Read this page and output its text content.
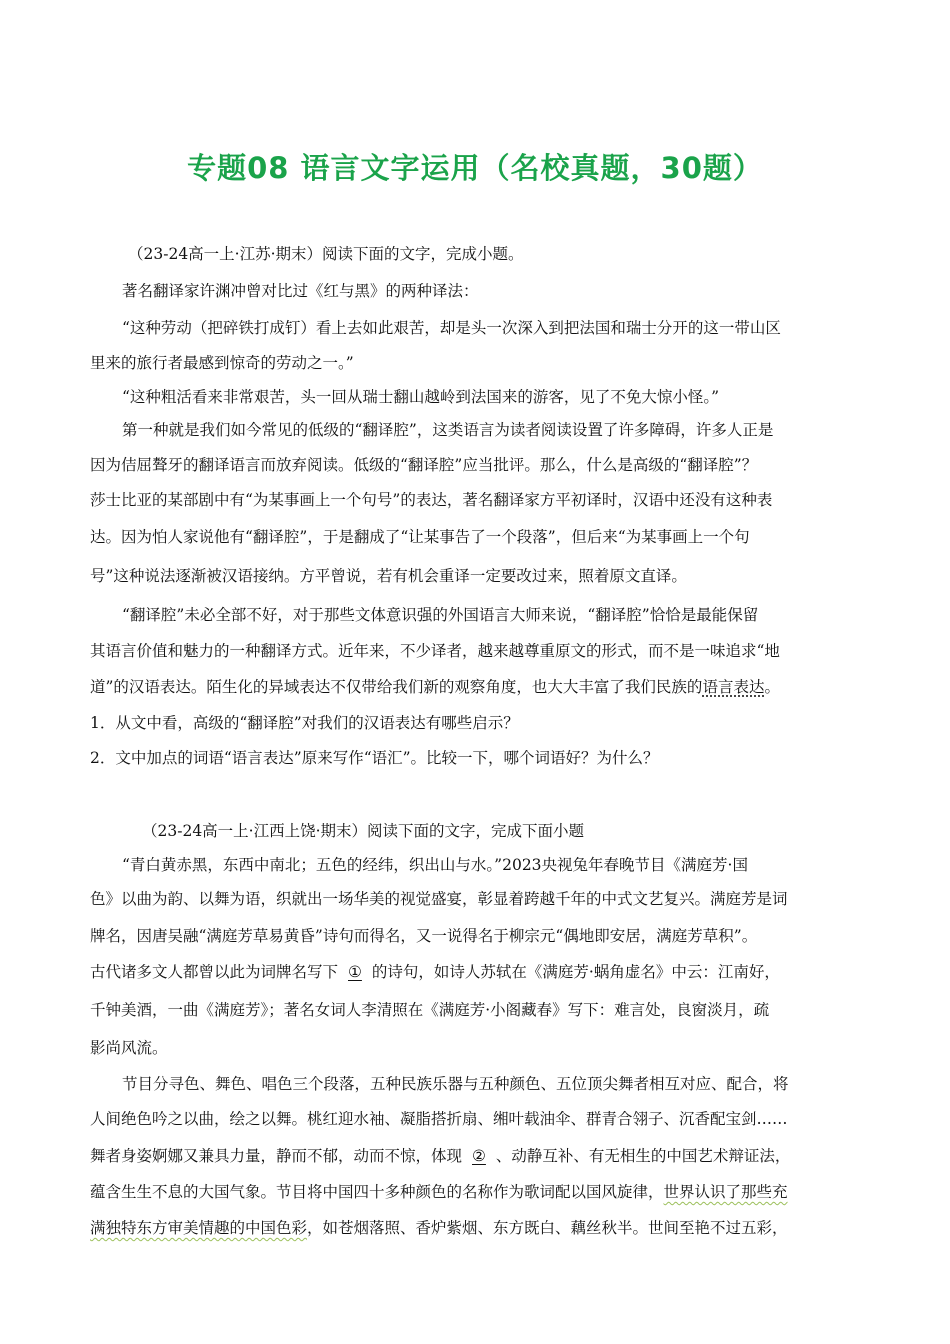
专题08 语言文字运用（名校真题，30题）
（23-24高一上·江苏·期末）阅读下面的文字，完成小题。
著名翻译家许渊冲曾对比过《红与黑》的两种译法：
“这种劳动（把碎铁打成钉）看上去如此艰苦，却是头一次深入到把法国和瑞士分开的这一带山区
里来的旅行者最感到惊奇的劳动之一。”
“这种粗活看来非常艰苦，头一回从瑞士翻山越岭到法国来的游客，见了不免大惊小怪。”
第一种就是我们如今常见的低级的“翻译腔”，这类语言为读者阅读设置了许多障碍，许多人正是
因为佶屈聱牙的翻译语言而放弃阅读。低级的“翻译腔”应当批评。那么，什么是高级的“翻译腔”？
莎士比亚的某部剧中有“为某事画上一个句号”的表达，著名翻译家方平初译时，汉语中还没有这种表
达。因为怕人家说他有“翻译腔”，于是翻成了“让某事告了一个段落”，但后来“为某事画上一个句
号”这种说法逐渐被汉语接纳。方平曾说，若有机会重译一定要改过来，照着原文直译。
“翻译腔”未必全部不好，对于那些文体意识强的外国语言大师来说，“翻译腔”恰恰是最能保留
其语言价值和魅力的一种翻译方式。近年来，不少译者，越来越尊重原文的形式，而不是一味追求“地
道”的汉语表达。陌生化的异域表达不仅带给我们新的观察角度，也大大丰富了我们民族的语言表达。
1．从文中看，高级的“翻译腔”对我们的汉语表达有哪些启示？
2．文中加点的词语“语言表达”原来写作“语汇”。比较一下，哪个词语好？为什么？
（23-24高一上·江西上饶·期末）阅读下面的文字，完成下面小题
“青白黄赤黑，东西中南北；五色的经纬，织出山与水。”2023央视兔年春晚节目《满庭芳·国
色》以曲为韵、以舞为语，织就出一场华美的视觉盛宴，彰显着跨越千年的中式文艺复兴。满庭芳是词
牌名，因唐吴融“满庭芳草易黄昏”诗句而得名，又一说得名于柳宗元“偶地即安居，满庭芳草积”。
古代诸多文人都曾以此为词牌名写下 ① 的诗句，如诗人苏轼在《满庭芳·蜗角虚名》中云：江南好，
千钟美酒，一曲《满庭芳》；著名女词人李清照在《满庭芳·小阁藏春》写下：难言处，良窗淡月，疏
影尚风流。
节目分寻色、舞色、唱色三个段落，五种民族乐器与五种颜色、五位顶尖舞者相互对应、配合，将
人间绝色吟之以曲，绘之以舞。桃红迎水袖、凝脂搭折扇、缃叶载油伞、群青合翎子、沉香配宝剑……
舞者身姿婀娜又兼具力量，静而不郁，动而不惊，体现 ② 、动静互补、有无相生的中国艺术辩证法，
蕴含生生不息的大国气象。节目将中国四十多种颜色的名称作为歌词配以国风旋律，世界认识了那些充
满独特东方审美情趣的中国色彩，如苍烟落照、香炉紫烟、东方既白、藕丝秋半。世间至艳不过五彩，
